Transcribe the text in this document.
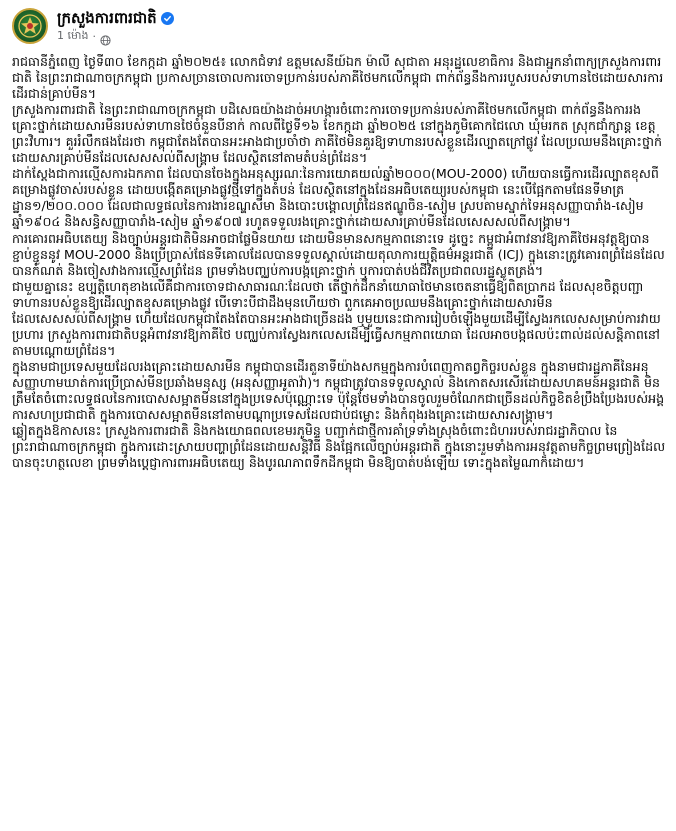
ក្រសួងការពារជាតិ
1 ម៉ោង ·

រាជធានីភ្នំពេញ ថ្ងៃទី៣០ ខែកក្កដា ឆ្នាំ២០២៥៖ លោកជំទាវ ឧត្តមសេនីយ៍ឯក ម៉ាលី សុជាតា អនុរដ្ឋលេខាធិការ និងជាអ្នកនាំពាក្យក្រសួងការពារជាតិ នៃព្រះរាជាណាចក្រកម្ពុជា ប្រកាសច្រានចោលការចោទប្រកាន់របស់ភាគីថៃមកលើកម្ពុជា ពាក់ព័ន្ធនឹងការរបួសរបស់ទាហានថៃដោយសារការដើរជាន់គ្រាប់មីន។

ក្រសួងការពារជាតិ នៃព្រះរាជាណាចក្រកម្ពុជា បដិសេធយ៉ាងដាច់អហង្ការចំពោះការចោទប្រកាន់របស់ភាគីថៃមកលើកម្ពុជា ពាក់ព័ន្ធនឹងការរងគ្រោះថ្នាក់ដោយសារមីនរបស់ទាហានថៃចំនួនបីនាក់ កាលពីថ្ងៃទី១៦ ខែកក្កដា ឆ្នាំ២០២៥ នៅក្នុងភូមិគោកជៃលោ ឃុំមរកត ស្រុកជាំក្សាន្ត ខេត្តព្រះវិហារ។ គួររំលឹកផងដែរថា កម្ពុជាតែងតែបានអះអាងជាប្រចាំថា ភាគីថៃមិនគួរឱ្យទាហានរបស់ខ្លួនដើរល្បាតក្រៅផ្លូវ ដែលប្រឈមនឹងគ្រោះថ្នាក់ដោយសារគ្រាប់មីនដែលសេសសល់ពីសង្គ្រាម ដែលស្ថិតនៅតាមតំបន់ព្រំដែន។

ដាក់ស្តែងជាការល្មើសការឯកភាព ដែលបានចែងក្នុងអនុស្សរណៈនៃការយោគយល់ឆ្នាំ២០០០(MOU-2000) ហើយបានធ្វើការដើរល្បាតខុសពីគម្រោងផ្លូវចាស់របស់ខ្លួន ដោយបង្កើតគម្រោងផ្លូវថ្មីទៅក្នុងតំបន់ ដែលស្ថិតនៅក្នុងដែនអធិបតេយ្យរបស់កម្ពុជា នេះបើផ្អែកតាមផែនទីមាត្រដ្ឋាន១/២០០.០០០ ដែលជាលទ្ធផលនៃការងារខណ្ឌសីមា និងបោះបង្គោលព្រំដែនឥណ្ឌូចិន-សៀម ស្របតាមស្នាក់ទៃអនុសញ្ញាបារាំង-សៀមឆ្នាំ១៩០៤ និងសន្ធិសញ្ញាបារាំង-សៀម ឆ្នាំ១៩០៧ រហូតទទួលរងគ្រោះថ្នាក់ដោយសារគ្រាប់មីនដែលសេសសល់ពីសង្គ្រាម។

ការគោរពអធិបតេយ្យ និងច្បាប់អន្តរជាតិមិនអាចជាផ្លែមិនយាយ ដោយមិនមានសកម្មភាពនោះទេ ដូច្នេះ កម្ពុជាអំពាវនាវឱ្យភាគីថៃអនុវត្តឱ្យបានខ្ជាប់ខ្ជួននូវ MOU-2000 និងប្រើប្រាស់ផែនទីគោលដែលបានទទួលស្គាល់ដោយតុលាការយុត្តិធម៌អន្តរជាតិ (ICJ) ក្នុងនោះត្រូវគោរពព្រំដែនដែលបានកំណត់ និងចៀសវាងការល្មើសព្រំដែន ព្រមទាំងបញ្ឈប់ការបង្កគ្រោះថ្នាក់ ឬការបាត់បង់ជីវិតប្រជាពលរដ្ឋស្លូតត្រង់។

ជាមួយគ្នានេះ ឧប្បត្តិហេតុខាងលើគឺជាការចោទជាសាធារណៈដែលថា តើថ្នាក់ដឹកនាំយោធាថៃមានចេតនាធ្វើឱ្យពិតប្រាកដ ដែលសុខចិត្តបញ្ជាទាហានរបស់ខ្លួនឱ្យដើរល្បាតខុសគម្រោងផ្លូវ បើទោះបីជាដឹងមុនហើយថា ពួកគេអាចប្រឈមនឹងគ្រោះថ្នាក់ដោយសារមីនដែលសេសសល់ពីសង្គ្រាម ហើយដែលកម្ពុជាតែងតែបានអះអាងជាច្រើនដង ឬមួយនេះជាការរៀបចំឡើងមួយដើម្បីស្វែងរកលេសសម្រាប់ការវាយប្រហារ ក្រសួងការពារជាតិបន្តអំពាវនាវឱ្យភាគីថៃ បញ្ឈប់ការស្វែងរកលេសដើម្បីធ្វើសកម្មភាពយោធា ដែលអាចបង្កផលប៉ះពាល់ដល់សន្តិភាពនៅតាមបណ្តោយព្រំដែន។

ក្នុងនាមជាប្រទេសមួយដែលរងគ្រោះដោយសារមីន កម្ពុជាបានដើរតួនាទីយ៉ាងសកម្មក្នុងការបំពេញកាតព្វកិច្ចរបស់ខ្លួន ក្នុងនាមជារដ្ឋភាគីនៃអនុសញ្ញាហាមឃាត់ការប្រើប្រាស់មីនប្រឆាំងមនុស្ស (អនុសញ្ញាអូតាវ៉ា)។ កម្ពុជាត្រូវបានទទួលស្គាល់ និងកោតសរសើរដោយសហគមន៍អន្តរជាតិ មិនត្រឹមតែចំពោះលទ្ធផលនៃការបោសសម្អាតមីននៅក្នុងប្រទេសប៉ុណ្ណោះទេ ប៉ុន្តែថែមទាំងបានចូលរួមចំណែកជាច្រើនដល់កិច្ចខិតខំប្រឹងប្រែងរបស់អង្គការសហប្រជាជាតិ ក្នុងការបោសសម្អាតមីននៅតាមបណ្តាប្រទេសដែលជាប់ជម្លោះ និងកំពុងរងគ្រោះដោយសារសង្គ្រាម។

ឆ្លៀតក្នុងឱកាសនេះ ក្រសួងការពារជាតិ និងកងយោធពលខេមរភូមិន្ទ បញ្ជាក់ជាថ្មីការគាំទ្រទាំងស្រុងចំពោះជំហររបស់រាជរដ្ឋាភិបាល នៃព្រះរាជាណាចក្រកម្ពុជា ក្នុងការដោះស្រាយបញ្ហាព្រំដែនដោយសន្តិវិធី និងផ្អែកលើច្បាប់អន្តរជាតិ ក្នុងនោះរួមទាំងការអនុវត្តតាមកិច្ចព្រមព្រៀងដែលបានចុះហត្ថលេខា ព្រមទាំងប្តេជ្ញាការពារអធិបតេយ្យ និងបូរណភាពទឹកដីកម្ពុជា មិនឱ្យបាត់បង់ឡើយ ទោះក្នុងតម្លៃណាក៏ដោយ។
